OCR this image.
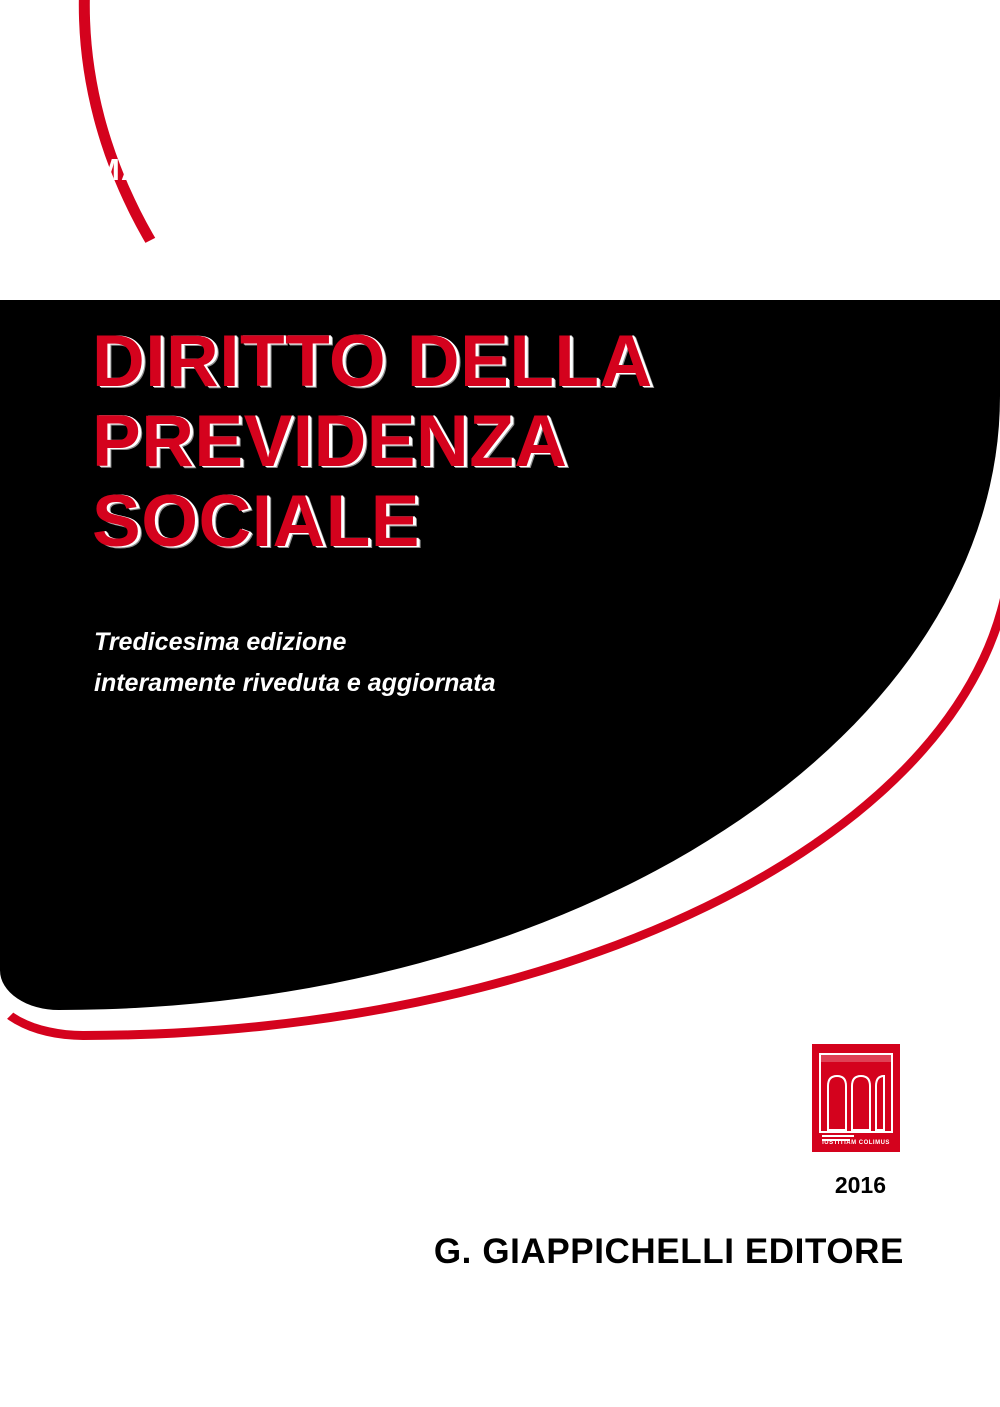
MAURIZIO CINELLI
DIRITTO DELLA
PREVIDENZA
SOCIALE
Tredicesima edizione
interamente riveduta e aggiornata
IUSTITIAM COLIMUS
2016
G. GIAPPICHELLI EDITORE
